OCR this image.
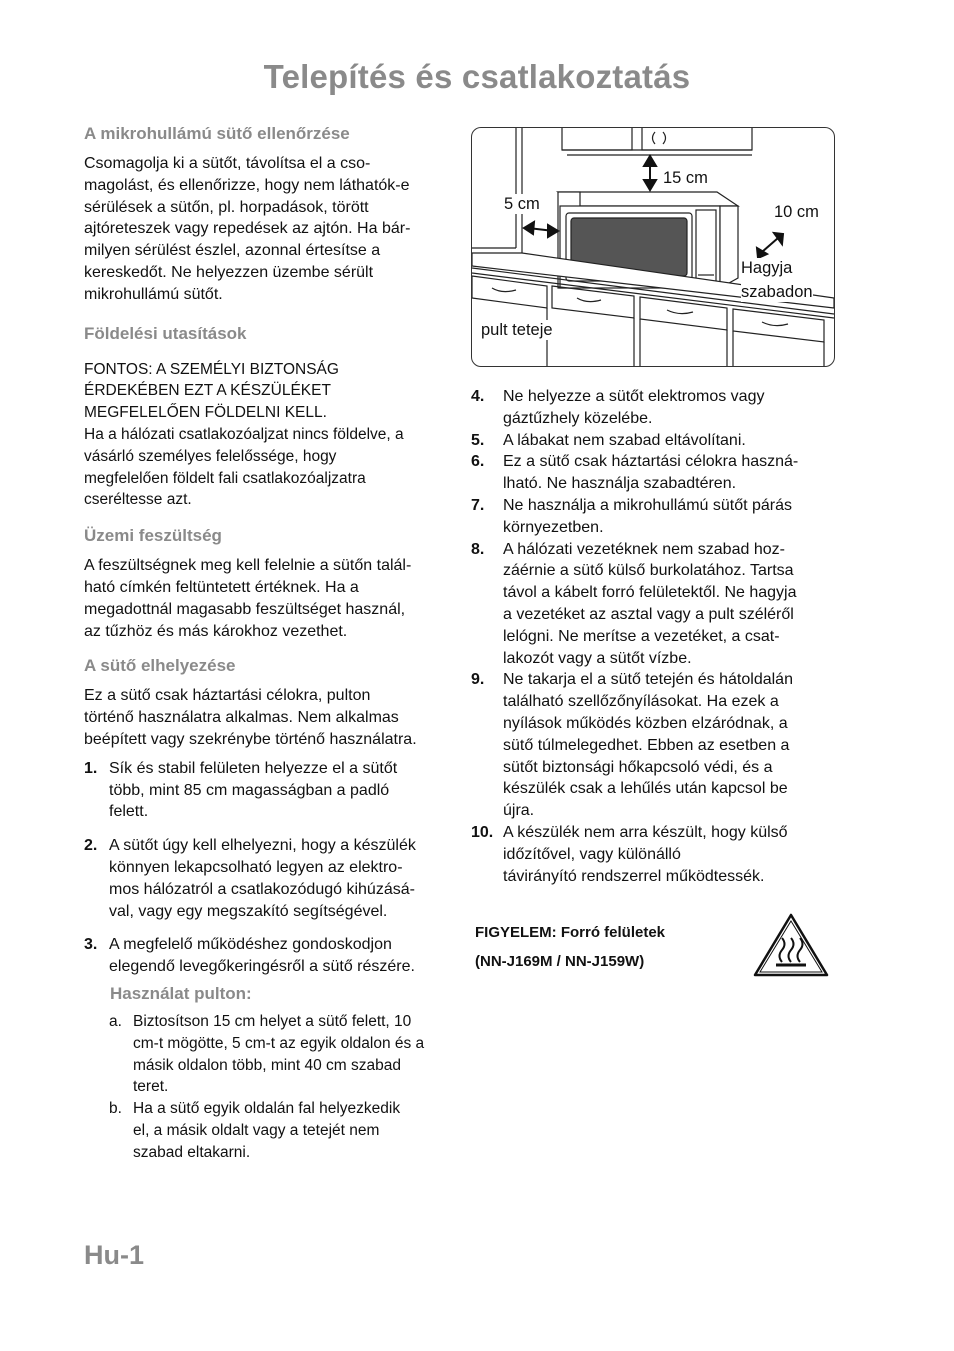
Telepítés és csatlakoztatás
A mikrohullámú sütő ellenőrzése

Csomagolja ki a sütőt, távolítsa el a cso-
magolást, és ellenőrizze, hogy nem láthatók-e
sérülések a sütőn, pl. horpadások, törött
ajtóreteszek vagy repedések az ajtón. Ha bár-
milyen sérülést észlel, azonnal értesítse a
kereskedőt. Ne helyezzen üzembe sérült
mikrohullámú sütőt.

Földelési utasítások

FONTOS: A SZEMÉLYI BIZTONSÁG
ÉRDEKÉBEN EZT A KÉSZÜLÉKET
MEGFELELŐEN FÖLDELNI KELL.
Ha a hálózati csatlakozóaljzat nincs földelve, a
vásárló személyes felelőssége, hogy
megfelelően földelt fali csatlakozóaljzatra
cseréltesse azt.

Üzemi feszültség

A feszültségnek meg kell felelnie a sütőn talál-
ható címkén feltüntetett értéknek. Ha a
megadottnál magasabb feszültséget használ,
az tűzhöz és más károkhoz vezethet.

A sütő elhelyezése

Ez a sütő csak háztartási célokra, pulton
történő használatra alkalmas. Nem alkalmas
beépített vagy szekrénybe történő használatra.

1. Sík és stabil felületen helyezze el a sütőt
több, mint 85 cm magasságban a padló
felett.
2. A sütőt úgy kell elhelyezni, hogy a készülék
könnyen lekapcsolható legyen az elektro-
mos hálózatról a csatlakozódugó kihúzásá-
val, vagy egy megszakító segítségével.
3. A megfelelő működéshez gondoskodjon
elegendő levegőkeringésről a sütő részére.
Használat pulton:
a. Biztosítson 15 cm helyet a sütő felett, 10
cm-t mögötte, 5 cm-t az egyik oldalon és a
másik oldalon több, mint 40 cm szabad
teret.
b. Ha a sütő egyik oldalán fal helyezkedik
el, a másik oldalt vagy a tetejét nem
szabad eltakarni.
15 cm
5 cm	10 cm
Hagyja
szabadon
pult teteje
4. Ne helyezze a sütőt elektromos vagy
gáztűzhely közelébe.
5. A lábakat nem szabad eltávolítani.
6. Ez a sütő csak háztartási célokra haszná-
lható. Ne használja szabadtéren.
7. Ne használja a mikrohullámú sütőt párás
környezetben.
8. A hálózati vezetéknek nem szabad hoz-
záérnie a sütő külső burkolatához. Tartsa
távol a kábelt forró felületektől. Ne hagyja
a vezetéket az asztal vagy a pult széléről
lelógni. Ne merítse a vezetéket, a csat-
lakozót vagy a sütőt vízbe.
9. Ne takarja el a sütő tetején és hátoldalán
található szellőzőnyílásokat. Ha ezek a
nyílások működés közben elzáródnak, a
sütő túlmelegedhet. Ebben az esetben a
sütőt biztonsági hőkapcsoló védi, és a
készülék csak a lehűlés után kapcsol be
újra.
10. A készülék nem arra készült, hogy külső
időzítővel, vagy különálló
távirányító rendszerrel működtessék.

FIGYELEM: Forró felületek

(NN-J169M / NN-J159W)

Hu-1
